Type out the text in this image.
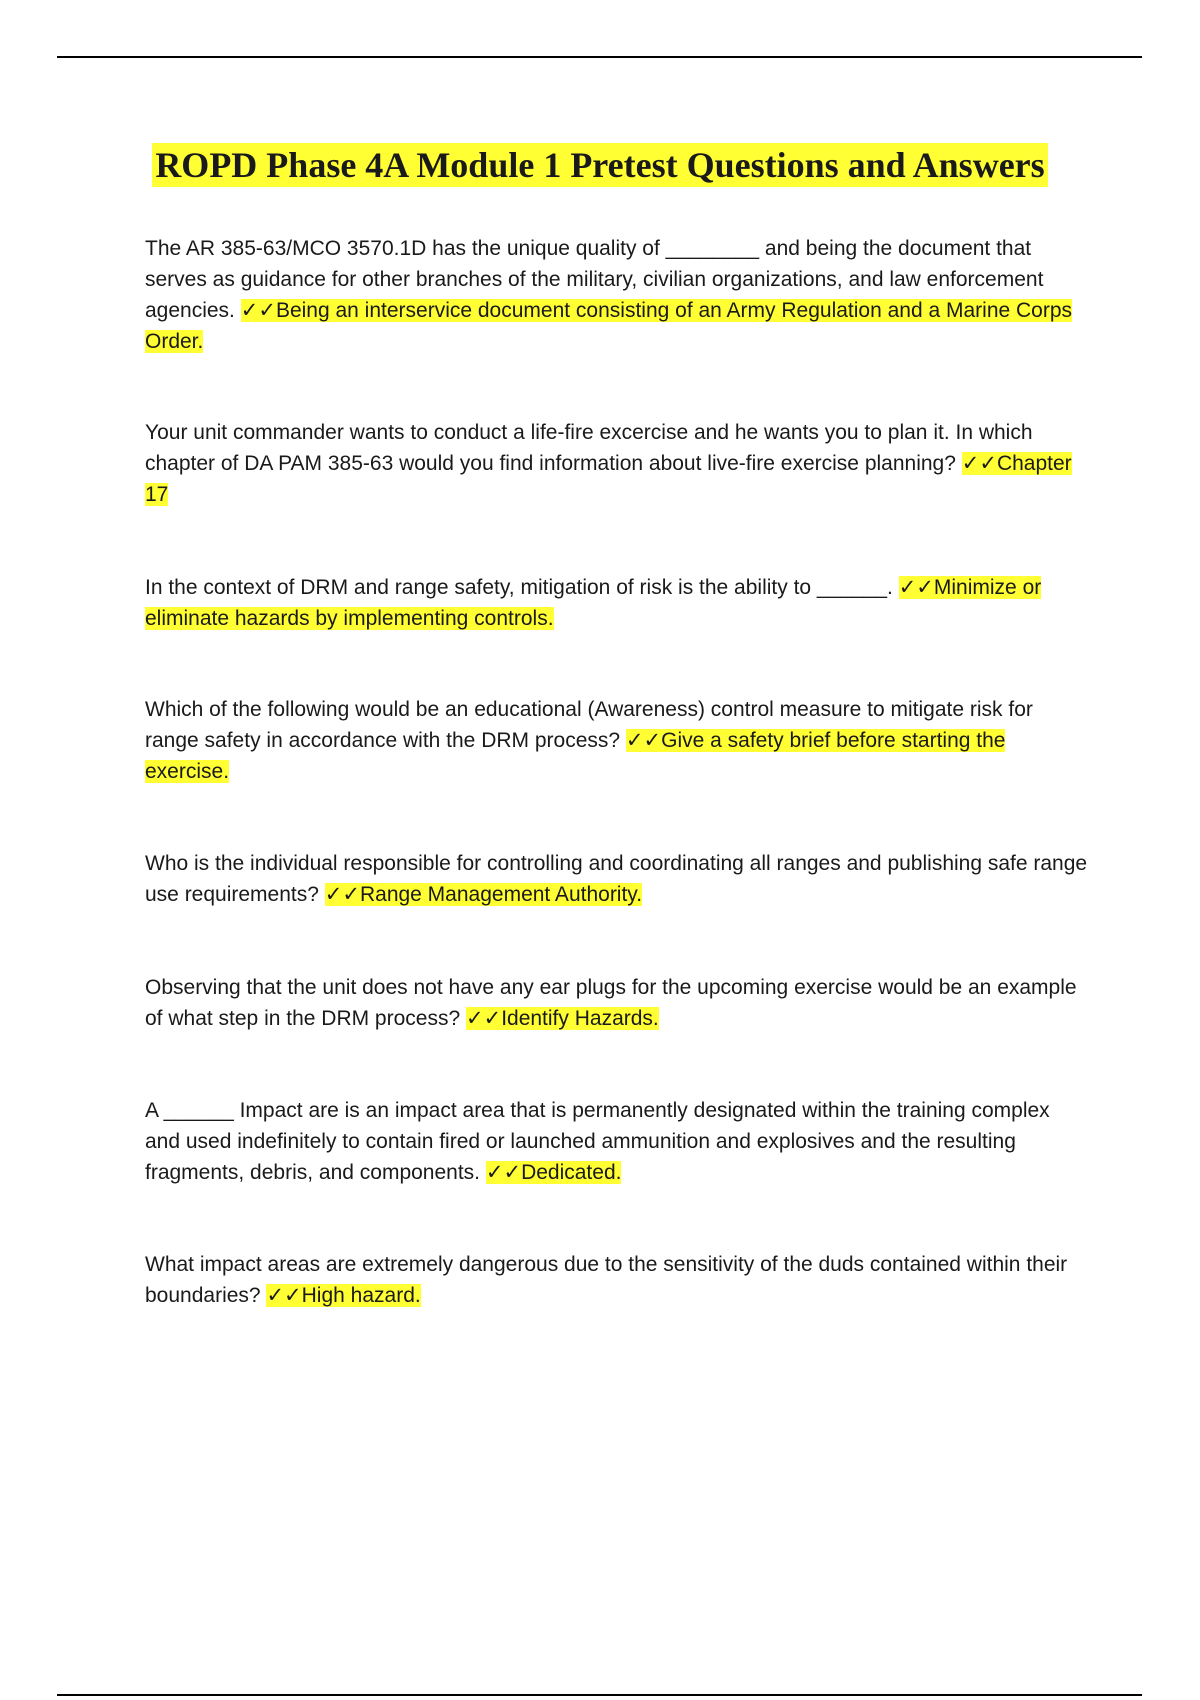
ROPD Phase 4A Module 1 Pretest Questions and Answers
The AR 385-63/MCO 3570.1D has the unique quality of ________ and being the document that serves as guidance for other branches of the military, civilian organizations, and law enforcement agencies. ✓✓Being an interservice document consisting of an Army Regulation and a Marine Corps Order.
Your unit commander wants to conduct a life-fire excercise and he wants you to plan it. In which chapter of DA PAM 385-63 would you find information about live-fire exercise planning? ✓✓Chapter 17
In the context of DRM and range safety, mitigation of risk is the ability to ______. ✓✓Minimize or eliminate hazards by implementing controls.
Which of the following would be an educational (Awareness) control measure to mitigate risk for range safety in accordance with the DRM process? ✓✓Give a safety brief before starting the exercise.
Who is the individual responsible for controlling and coordinating all ranges and publishing safe range use requirements? ✓✓Range Management Authority.
Observing that the unit does not have any ear plugs for the upcoming exercise would be an example of what step in the DRM process? ✓✓Identify Hazards.
A ______ Impact are is an impact area that is permanently designated within the training complex and used indefinitely to contain fired or launched ammunition and explosives and the resulting fragments, debris, and components. ✓✓Dedicated.
What impact areas are extremely dangerous due to the sensitivity of the duds contained within their boundaries? ✓✓High hazard.
